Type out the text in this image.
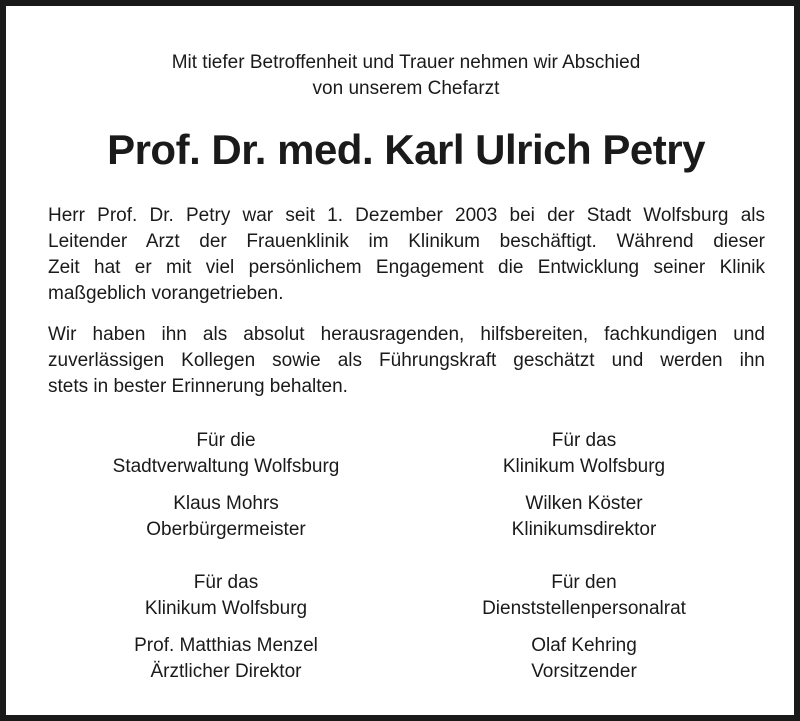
Mit tiefer Betroffenheit und Trauer nehmen wir Abschied
von unserem Chefarzt
Prof. Dr. med. Karl Ulrich Petry
Herr Prof. Dr. Petry war seit 1. Dezember 2003 bei der Stadt Wolfsburg als
Leitender Arzt der Frauenklinik im Klinikum beschäftigt. Während dieser
Zeit hat er mit viel persönlichem Engagement die Entwicklung seiner Klinik
maßgeblich vorangetrieben.
Wir haben ihn als absolut herausragenden, hilfsbereiten, fachkundigen und
zuverlässigen Kollegen sowie als Führungskraft geschätzt und werden ihn
stets in bester Erinnerung behalten.
Für die
Stadtverwaltung Wolfsburg
Klaus Mohrs
Oberbürgermeister
Für das
Klinikum Wolfsburg
Wilken Köster
Klinikumsdirektor
Für das
Klinikum Wolfsburg
Prof. Matthias Menzel
Ärztlicher Direktor
Für den
Dienststellenpersonalrat
Olaf Kehring
Vorsitzender
